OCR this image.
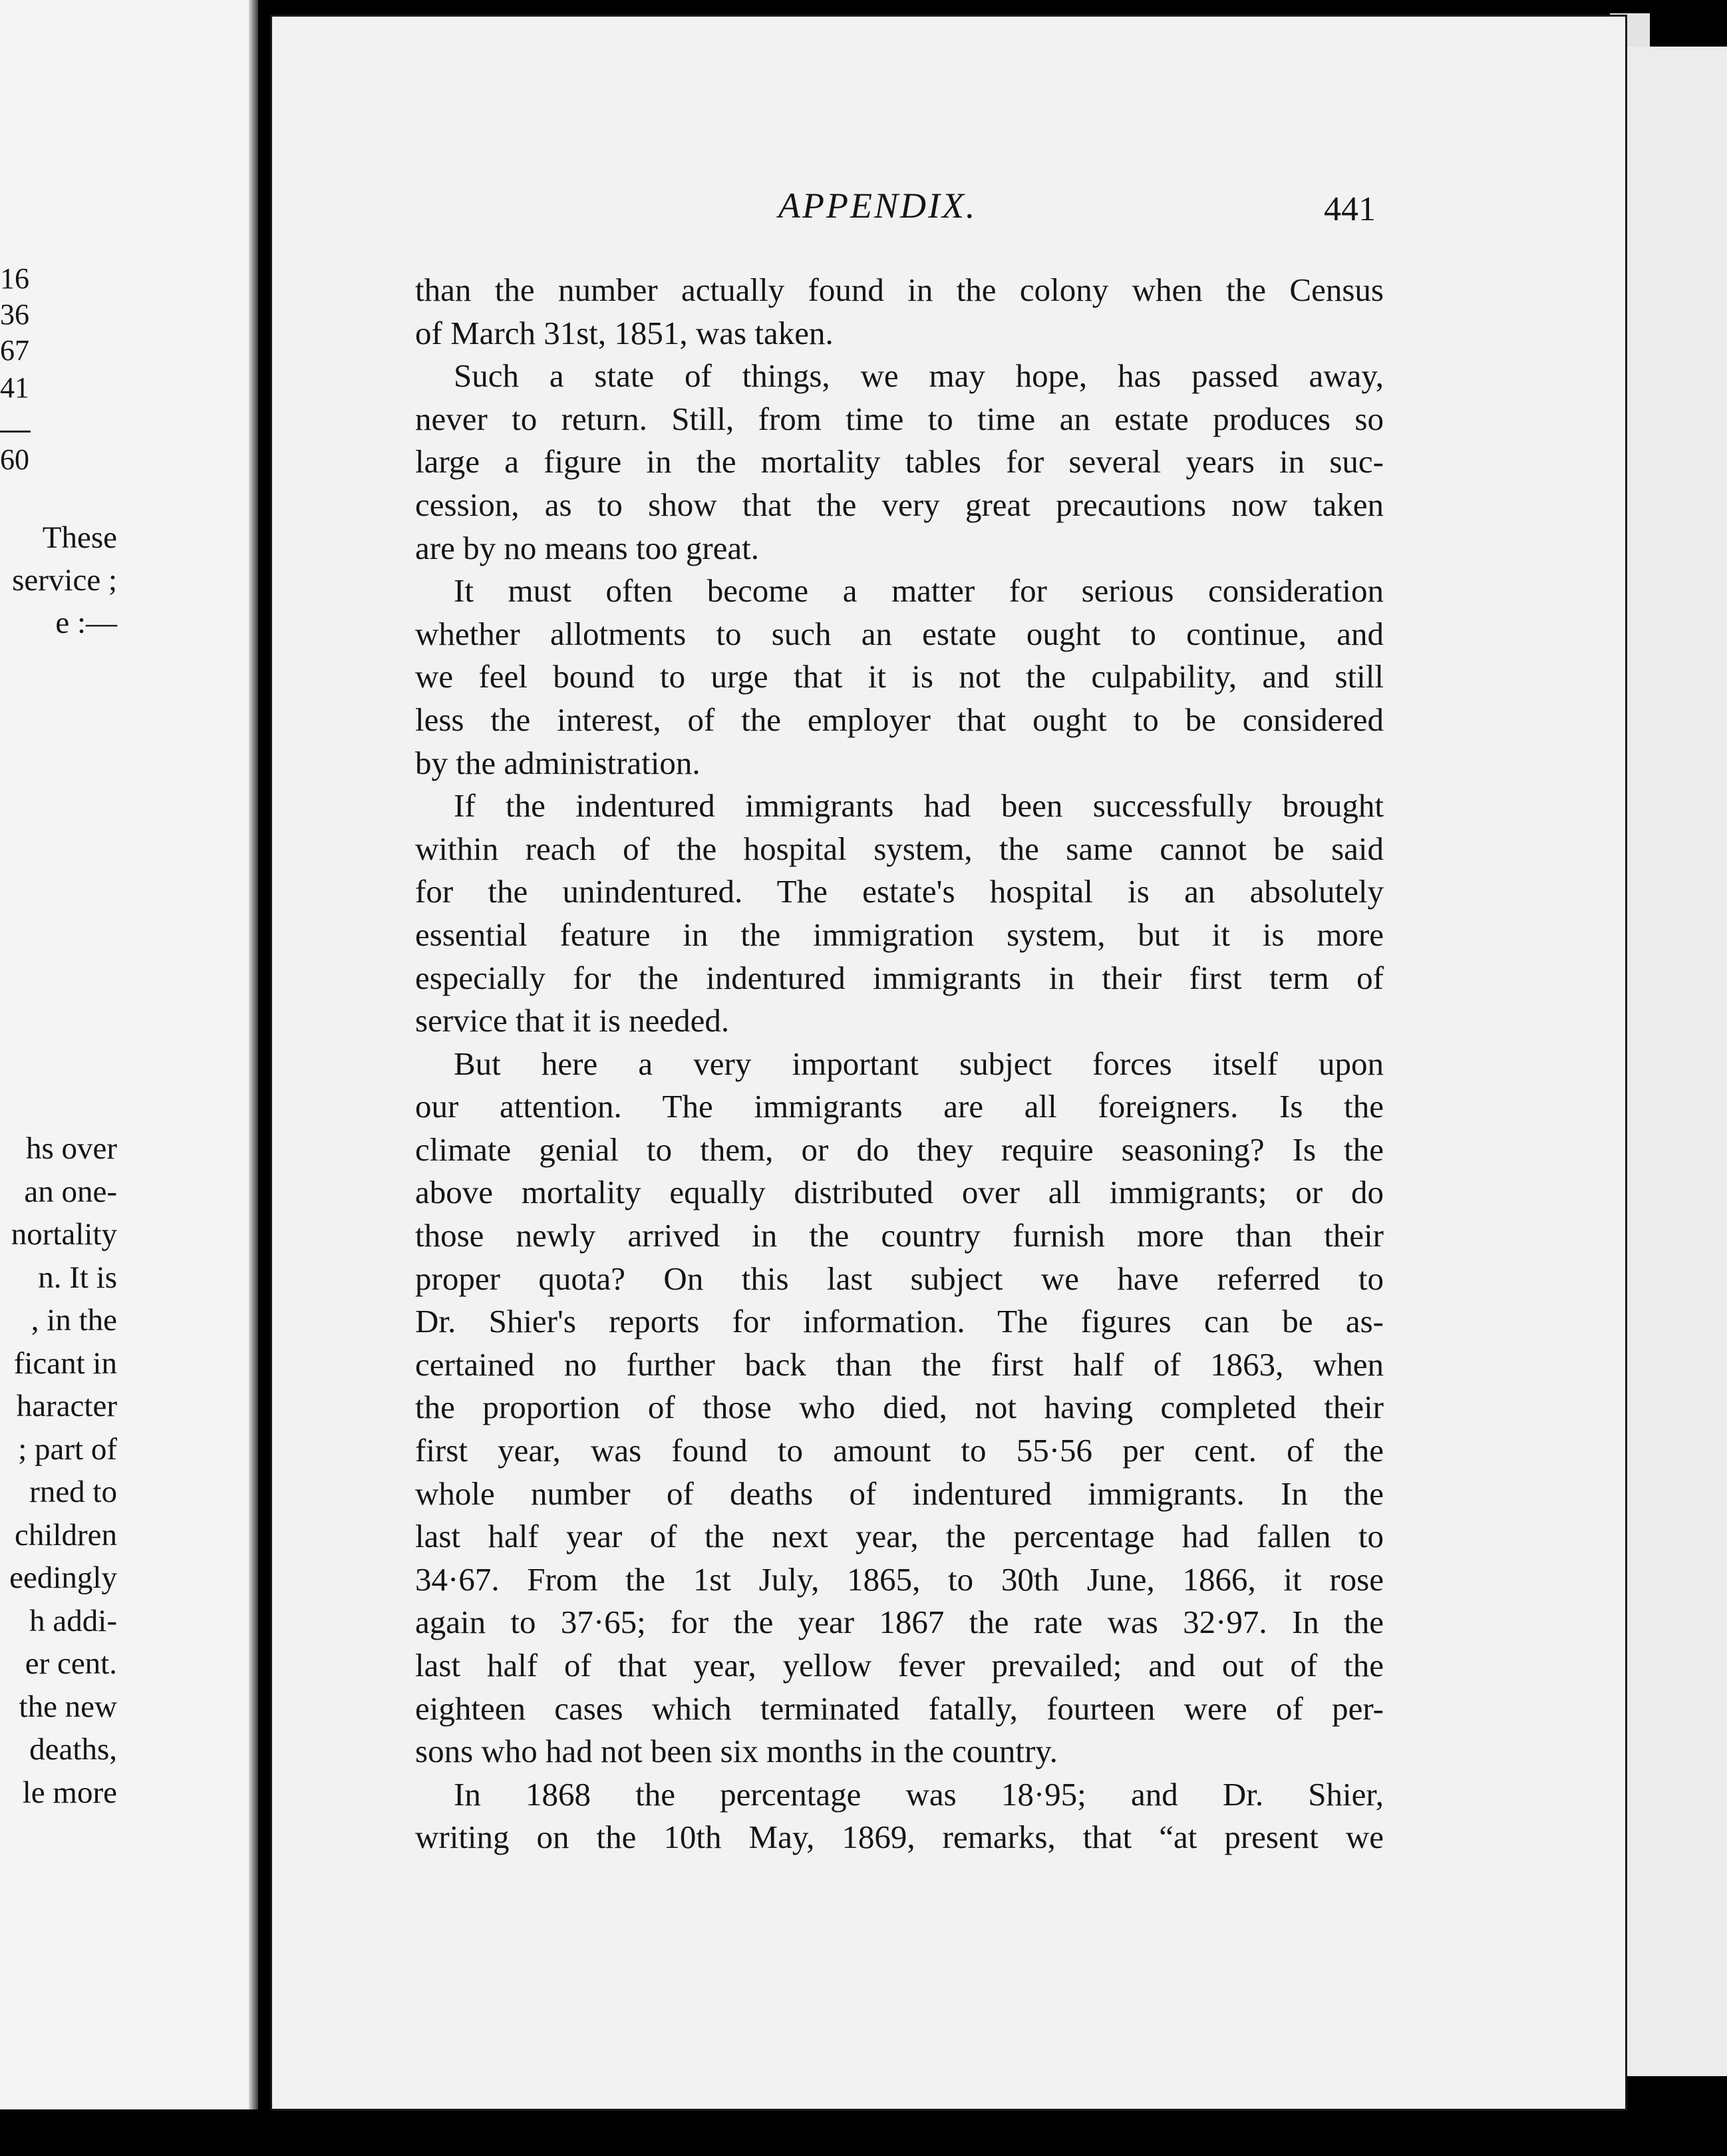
16
36
67
41
60
These
service ;
e :—
hs over
an one-
nortality
n. It is
, in the
ficant in
haracter
; part of
rned to
children
eedingly
h addi-
er cent.
the new
deaths,
le more
APPENDIX.	441
than the number actually found in the colony when the Census
of March 31st, 1851, was taken.
Such a state of things, we may hope, has passed away,
never to return. Still, from time to time an estate produces so
large a figure in the mortality tables for several years in suc-
cession, as to show that the very great precautions now taken
are by no means too great.
It must often become a matter for serious consideration
whether allotments to such an estate ought to continue, and
we feel bound to urge that it is not the culpability, and still
less the interest, of the employer that ought to be considered
by the administration.
If the indentured immigrants had been successfully brought
within reach of the hospital system, the same cannot be said
for the unindentured. The estate's hospital is an absolutely
essential feature in the immigration system, but it is more
especially for the indentured immigrants in their first term of
service that it is needed.
But here a very important subject forces itself upon
our attention. The immigrants are all foreigners. Is the
climate genial to them, or do they require seasoning? Is the
above mortality equally distributed over all immigrants; or do
those newly arrived in the country furnish more than their
proper quota? On this last subject we have referred to
Dr. Shier's reports for information. The figures can be as-
certained no further back than the first half of 1863, when
the proportion of those who died, not having completed their
first year, was found to amount to 55·56 per cent. of the
whole number of deaths of indentured immigrants. In the
last half year of the next year, the percentage had fallen to
34·67. From the 1st July, 1865, to 30th June, 1866, it rose
again to 37·65; for the year 1867 the rate was 32·97. In the
last half of that year, yellow fever prevailed; and out of the
eighteen cases which terminated fatally, fourteen were of per-
sons who had not been six months in the country.
In 1868 the percentage was 18·95; and Dr. Shier,
writing on the 10th May, 1869, remarks, that “at present we
